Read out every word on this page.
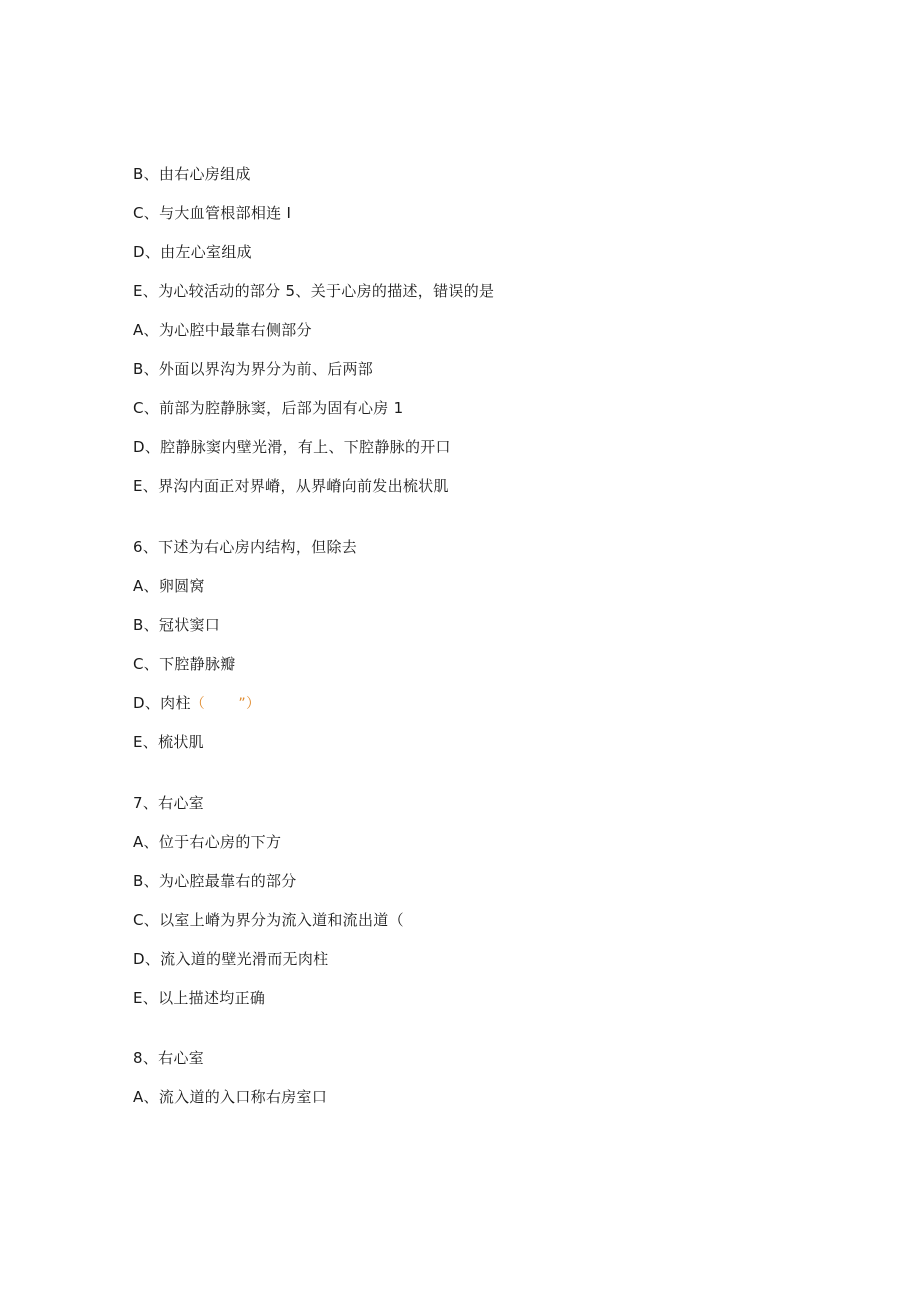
B、由右心房组成
C、与大血管根部相连 I
D、由左心室组成
E、为心较活动的部分 5、关于心房的描述，错误的是
A、为心腔中最靠右侧部分
B、外面以界沟为界分为前、后两部
C、前部为腔静脉窦，后部为固有心房 1
D、腔静脉窦内壁光滑，有上、下腔静脉的开口
E、界沟内面正对界嵴，从界嵴向前发出梳状肌
6、下述为右心房内结构，但除去
A、卵圆窝
B、冠状窦口
C、下腔静脉瓣
D、肉柱（　　 ”）
E、梳状肌
7、右心室
A、位于右心房的下方
B、为心腔最靠右的部分
C、以室上嵴为界分为流入道和流出道（
D、流入道的壁光滑而无肉柱
E、以上描述均正确
8、右心室
A、流入道的入口称右房室口
